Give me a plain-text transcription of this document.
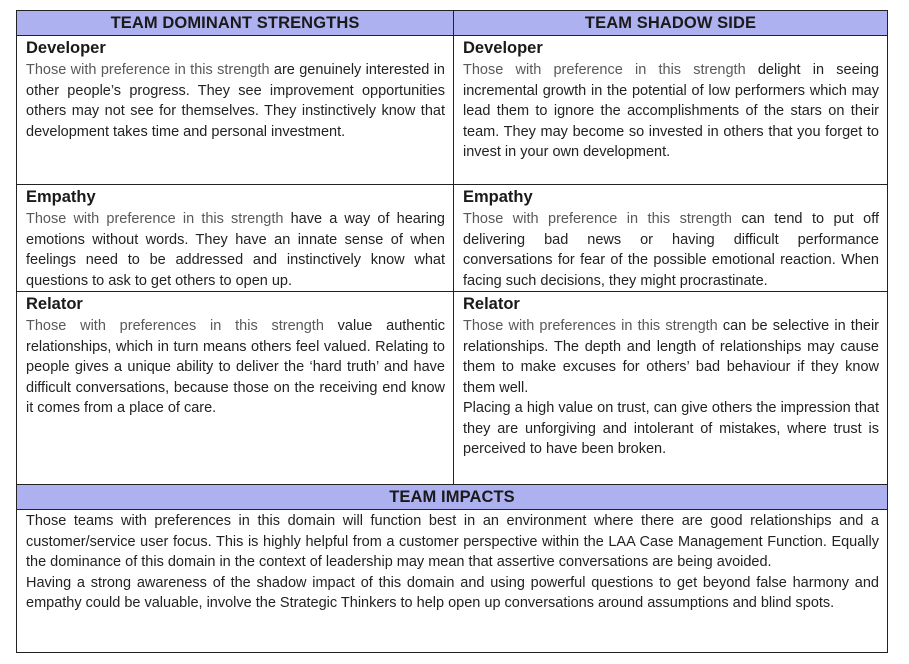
TEAM DOMINANT STRENGTHS	TEAM SHADOW SIDE
Developer

Those with preference in this strength are genuinely interested in other people’s progress. They see improvement opportunities others may not see for themselves. They instinctively know that development takes time and personal investment.

Developer

Those with preference in this strength delight in seeing incremental growth in the potential of low performers which may lead them to ignore the accomplishments of the stars on their team. They may become so invested in others that you forget to invest in your own development.

Empathy

Those with preference in this strength have a way of hearing emotions without words. They have an innate sense of when feelings need to be addressed and instinctively know what questions to ask to get others to open up.

Empathy

Those with preference in this strength can tend to put off delivering bad news or having difficult performance conversations for fear of the possible emotional reaction. When facing such decisions, they might procrastinate.

Relator

Those with preferences in this strength value authentic relationships, which in turn means others feel valued. Relating to people gives a unique ability to deliver the ‘hard truth’ and have difficult conversations, because those on the receiving end know it comes from a place of care.

Relator

Those with preferences in this strength can be selective in their relationships. The depth and length of relationships may cause them to make excuses for others’ bad behaviour if they know them well.

Placing a high value on trust, can give others the impression that they are unforgiving and intolerant of mistakes, where trust is perceived to have been broken.

TEAM IMPACTS

Those teams with preferences in this domain will function best in an environment where there are good relationships and a customer/service user focus. This is highly helpful from a customer perspective within the LAA Case Management Function. Equally the dominance of this domain in the context of leadership may mean that assertive conversations are being avoided.

Having a strong awareness of the shadow impact of this domain and using powerful questions to get beyond false harmony and empathy could be valuable, involve the Strategic Thinkers to help open up conversations around assumptions and blind spots.
